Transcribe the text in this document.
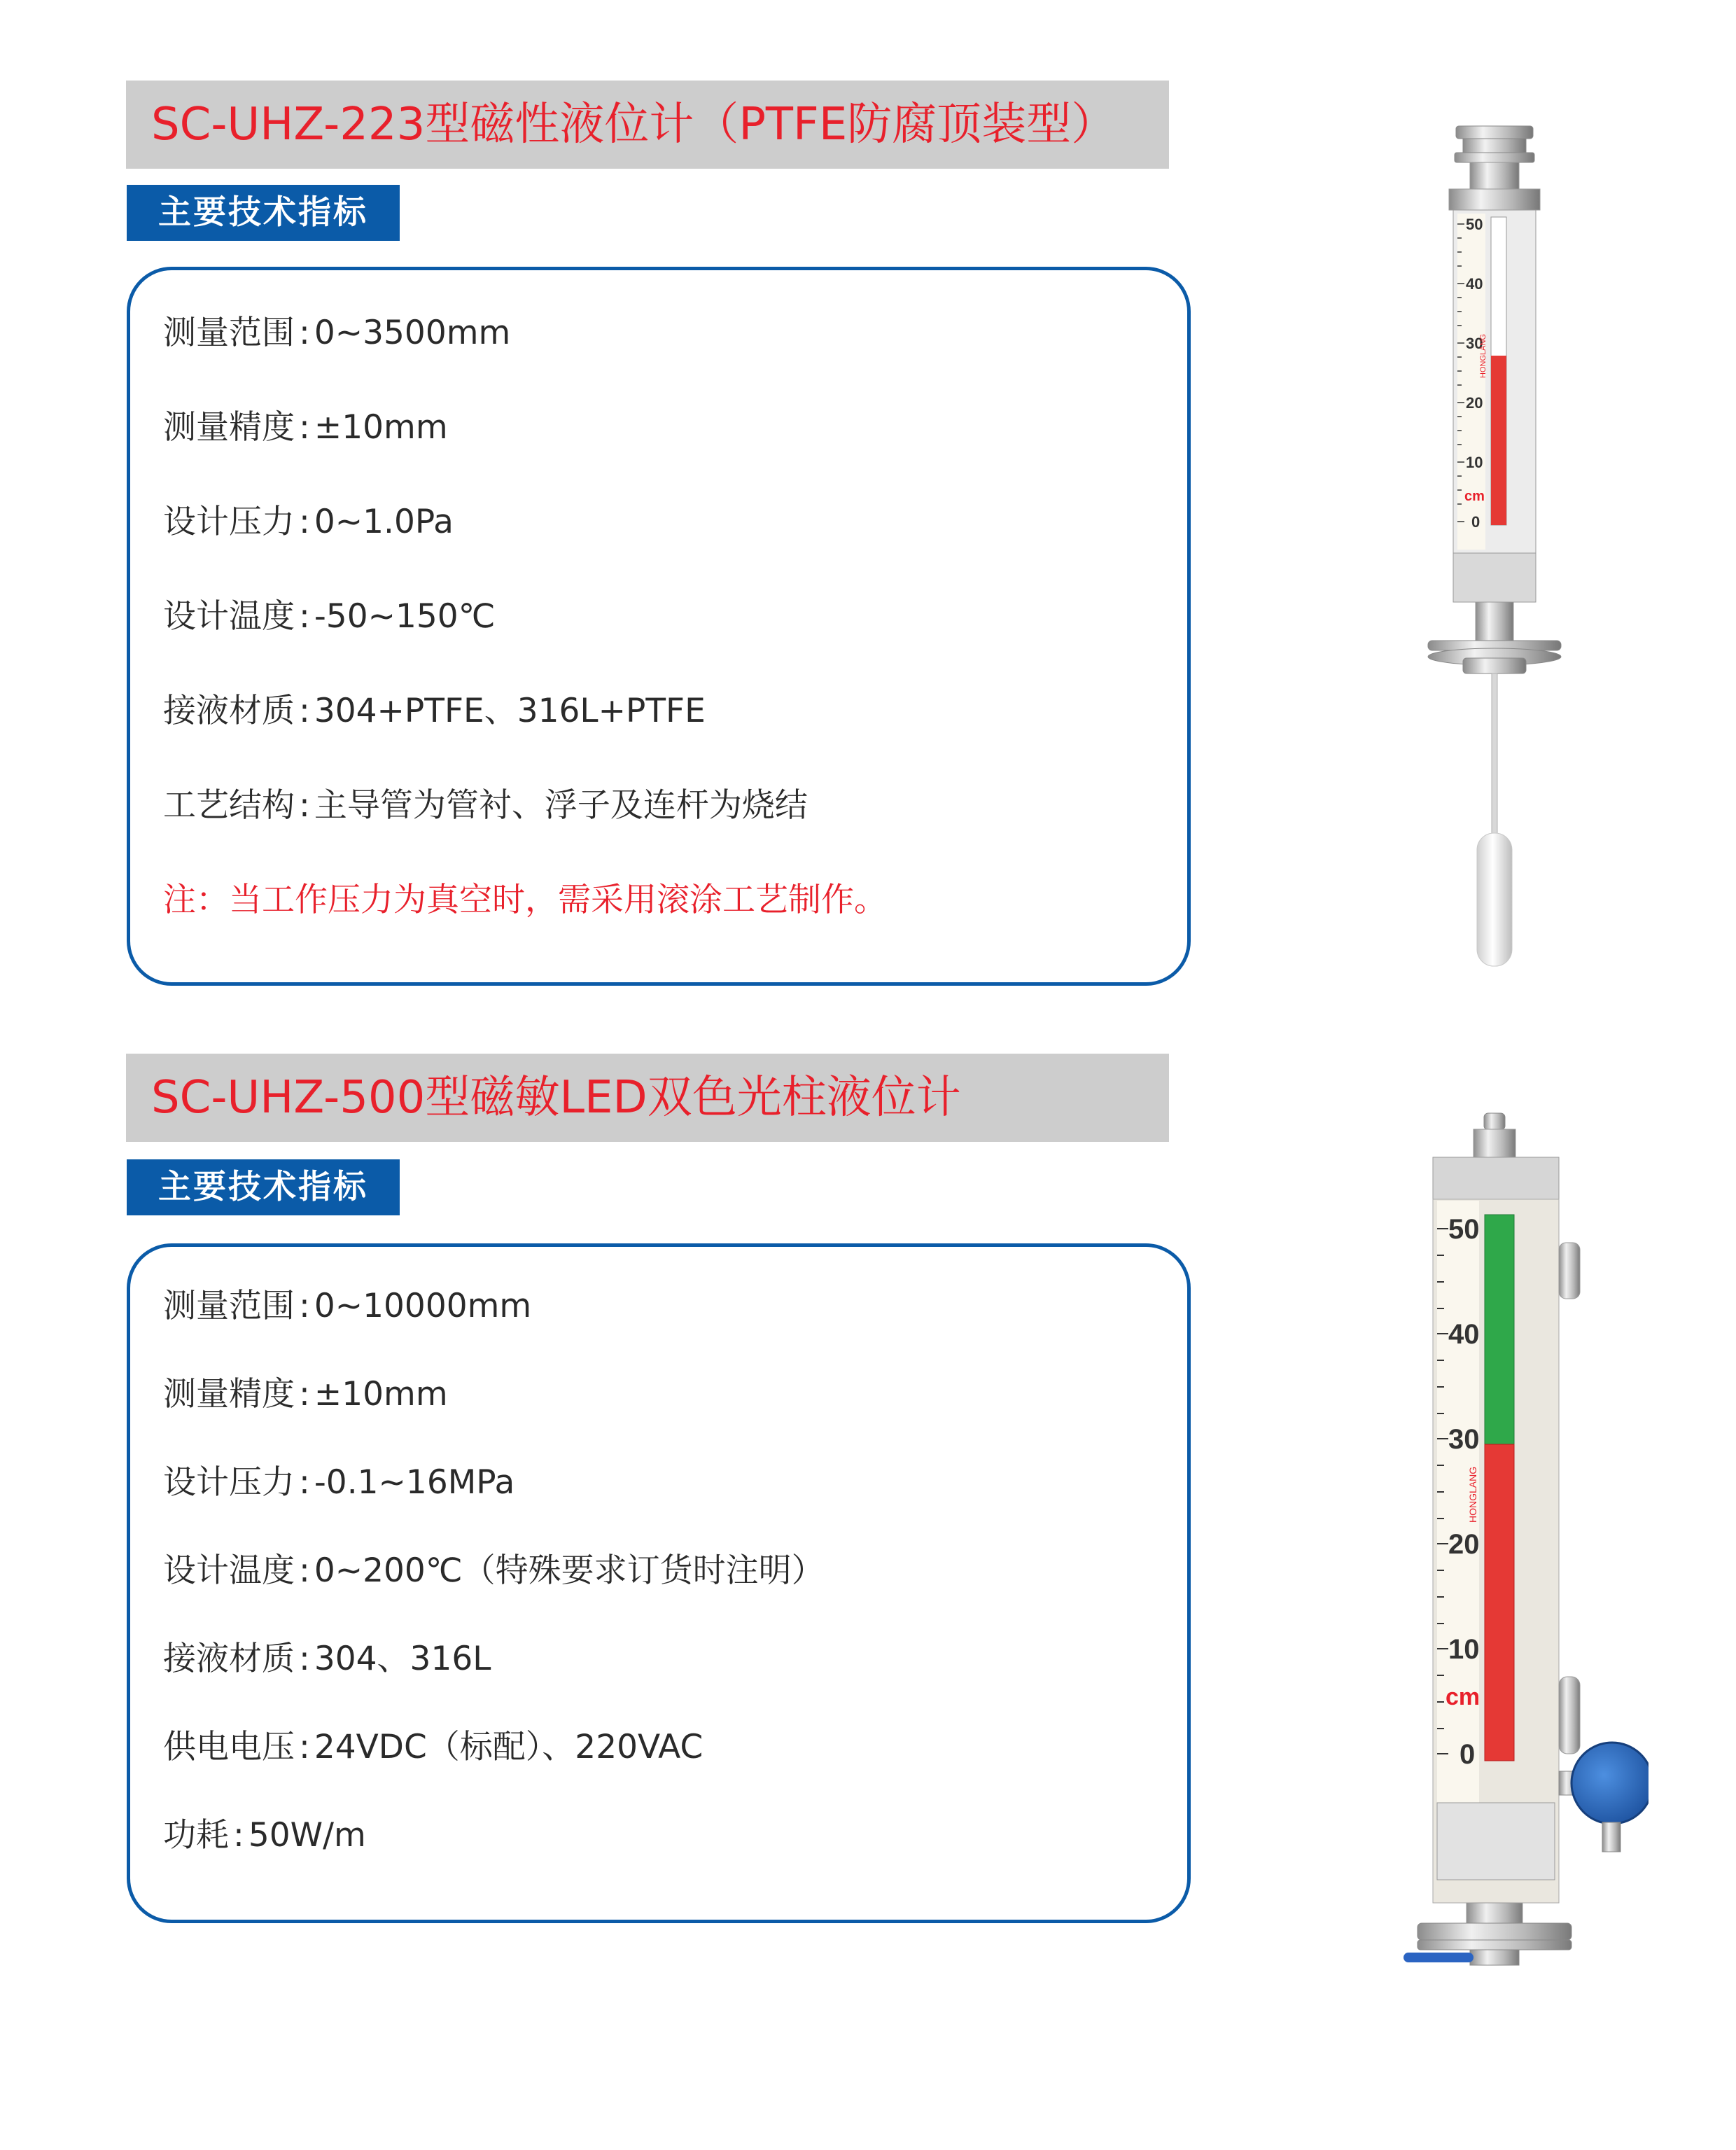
SC-UHZ-223型磁性液位计（PTFE防腐顶装型）
主要技术指标
测量范围 : 0~3500mm
测量精度 : ±10mm
设计压力 : 0~1.0Pa
设计温度 : -50~150℃
接液材质 : 304+PTFE、316L+PTFE
工艺结构 : 主导管为管衬、浮子及连杆为烧结
注：当工作压力为真空时，需采用滚涂工艺制作。
50
40
30
20
10
0
cm
HONGLANG
SC-UHZ-500型磁敏LED双色光柱液位计
主要技术指标
测量范围 : 0~10000mm
测量精度 : ±10mm
设计压力 : -0.1~16MPa
设计温度 : 0~200℃（特殊要求订货时注明）
接液材质 : 304、316L
供电电压 : 24VDC（标配）、220VAC
功耗 : 50W/m
50
40
30
20
10
0
cm
HONGLANG
